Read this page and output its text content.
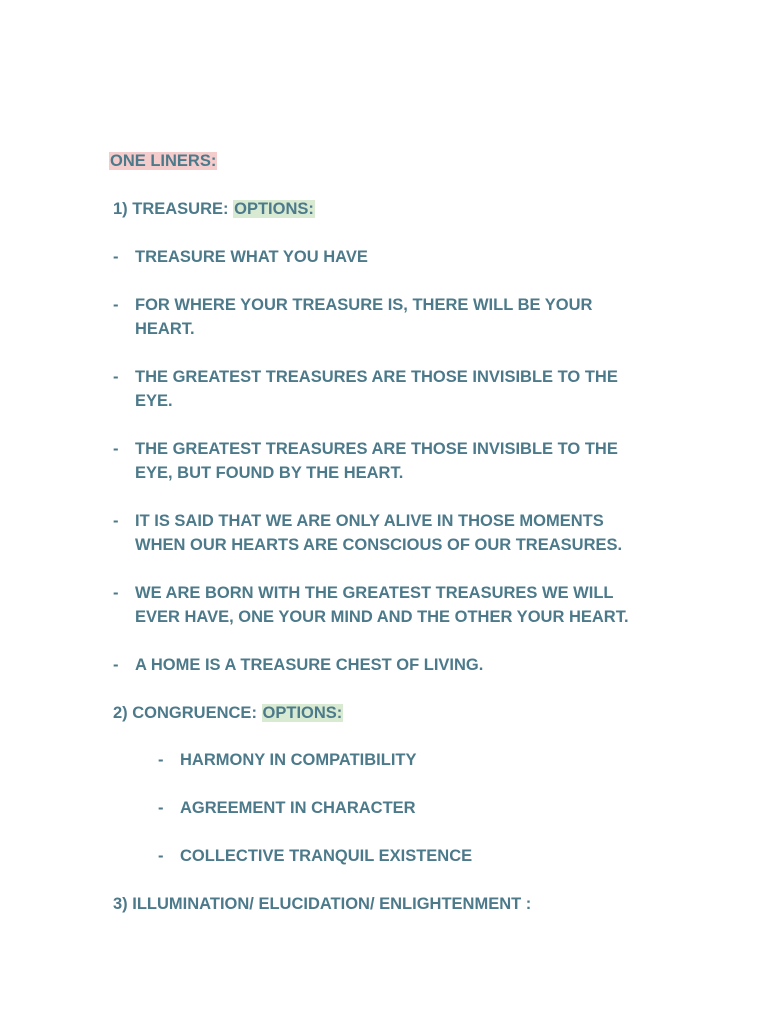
ONE LINERS:
1) TREASURE: OPTIONS:
-	TREASURE WHAT YOU HAVE
-	FOR WHERE YOUR TREASURE IS, THERE WILL BE YOUR
HEART.
-	THE GREATEST TREASURES ARE THOSE INVISIBLE TO THE
EYE.
-	THE GREATEST TREASURES ARE THOSE INVISIBLE TO THE
EYE, BUT FOUND BY THE HEART.
-	IT IS SAID THAT WE ARE ONLY ALIVE IN THOSE MOMENTS
WHEN OUR HEARTS ARE CONSCIOUS OF OUR TREASURES.
-	WE ARE BORN WITH THE GREATEST TREASURES WE WILL
EVER HAVE, ONE YOUR MIND AND THE OTHER YOUR HEART.
-	A HOME IS A TREASURE CHEST OF LIVING.
2) CONGRUENCE: OPTIONS:
-	HARMONY IN COMPATIBILITY
-	AGREEMENT IN CHARACTER
-	COLLECTIVE TRANQUIL EXISTENCE
3) ILLUMINATION/ ELUCIDATION/ ENLIGHTENMENT :
